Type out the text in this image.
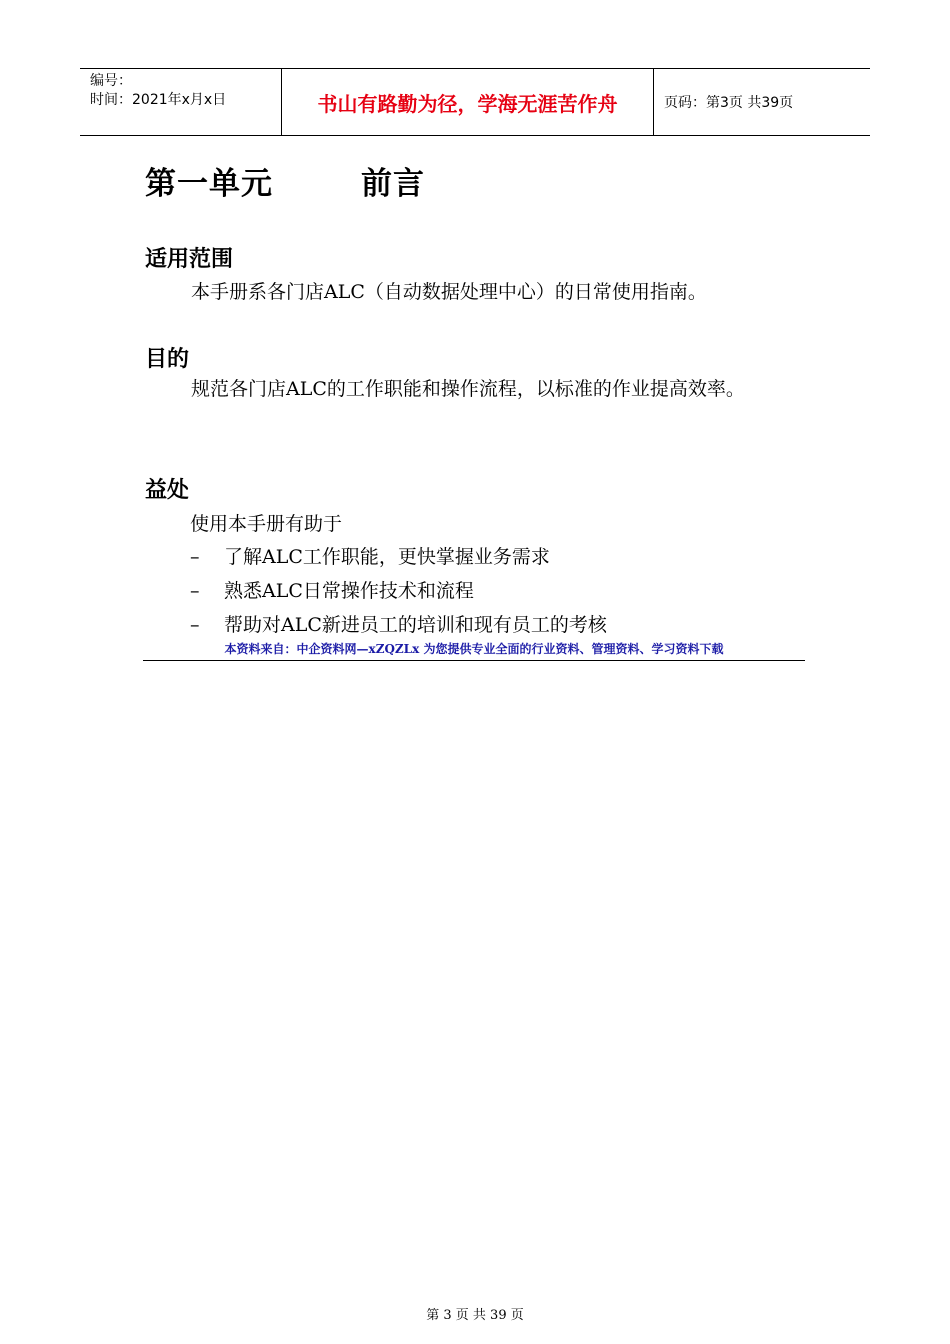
编号：
时间：2021年x月x日	书山有路勤为径，学海无涯苦作舟	页码：第3页 共39页
第一单元	前言
适用范围
本手册系各门店ALC（自动数据处理中心）的日常使用指南。
目的
规范各门店ALC的工作职能和操作流程，以标准的作业提高效率。
益处
使用本手册有助于
– 了解ALC工作职能，更快掌握业务需求
– 熟悉ALC日常操作技术和流程
– 帮助对ALC新进员工的培训和现有员工的考核
本资料来自：中企资料网—xZQZLx 为您提供专业全面的行业资料、管理资料、学习资料下载
第 3 页 共 39 页
